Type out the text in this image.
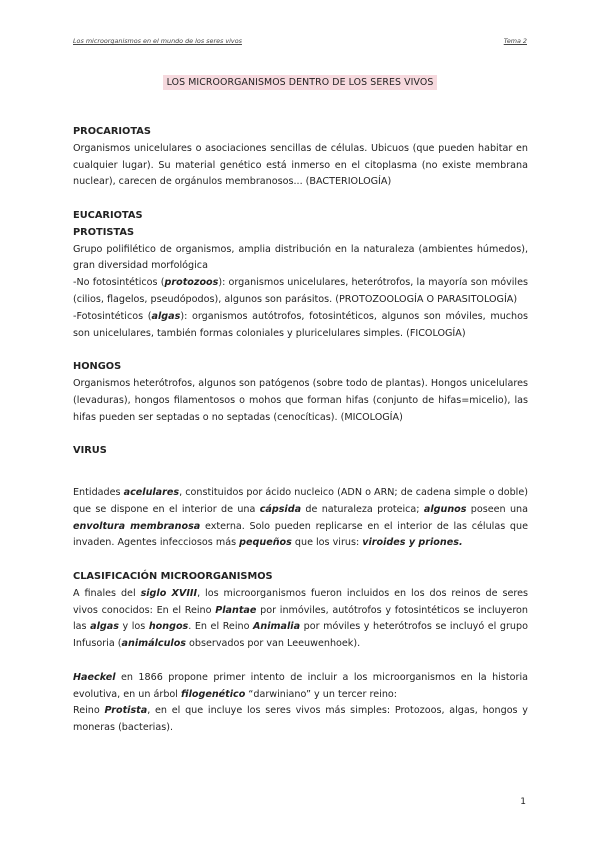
Los microorganismos en el mundo de los seres vivos	Tema 2
LOS MICROORGANISMOS DENTRO DE LOS SERES VIVOS

PROCARIOTAS

Organismos unicelulares o asociaciones sencillas de células. Ubicuos (que pueden habitar en cualquier lugar). Su material genético está inmerso en el citoplasma (no existe membrana nuclear), carecen de orgánulos membranosos... (BACTERIOLOGÍA)

EUCARIOTAS

PROTISTAS

Grupo polifilético de organismos, amplia distribución en la naturaleza (ambientes húmedos), gran diversidad morfológica

-No fotosintéticos (protozoos): organismos unicelulares, heterótrofos, la mayoría son móviles (cilios, flagelos, pseudópodos), algunos son parásitos. (PROTOZOOLOGÍA O PARASITOLOGÍA)

-Fotosintéticos (algas): organismos autótrofos, fotosintéticos, algunos son móviles, muchos son unicelulares, también formas coloniales y pluricelulares simples. (FICOLOGÍA)

HONGOS

Organismos heterótrofos, algunos son patógenos (sobre todo de plantas). Hongos unicelulares (levaduras), hongos filamentosos o mohos que forman hifas (conjunto de hifas=micelio), las hifas pueden ser septadas o no septadas (cenocíticas). (MICOLOGÍA)

VIRUS

Entidades acelulares, constituidos por ácido nucleico (ADN o ARN; de cadena simple o doble) que se dispone en el interior de una cápsida de naturaleza proteica; algunos poseen una envoltura membranosa externa. Solo pueden replicarse en el interior de las células que invaden. Agentes infecciosos más pequeños que los virus: viroides y priones.

CLASIFICACIÓN MICROORGANISMOS

A finales del siglo XVIII, los microorganismos fueron incluidos en los dos reinos de seres vivos conocidos: En el Reino Plantae por inmóviles, autótrofos y fotosintéticos se incluyeron las algas y los hongos. En el Reino Animalia por móviles y heterótrofos se incluyó el grupo Infusoria (animálculos observados por van Leeuwenhoek).

Haeckel en 1866 propone primer intento de incluir a los microorganismos en la historia evolutiva, en un árbol filogenético “darwiniano” y un tercer reino:

Reino Protista, en el que incluye los seres vivos más simples: Protozoos, algas, hongos y moneras (bacterias).

1
